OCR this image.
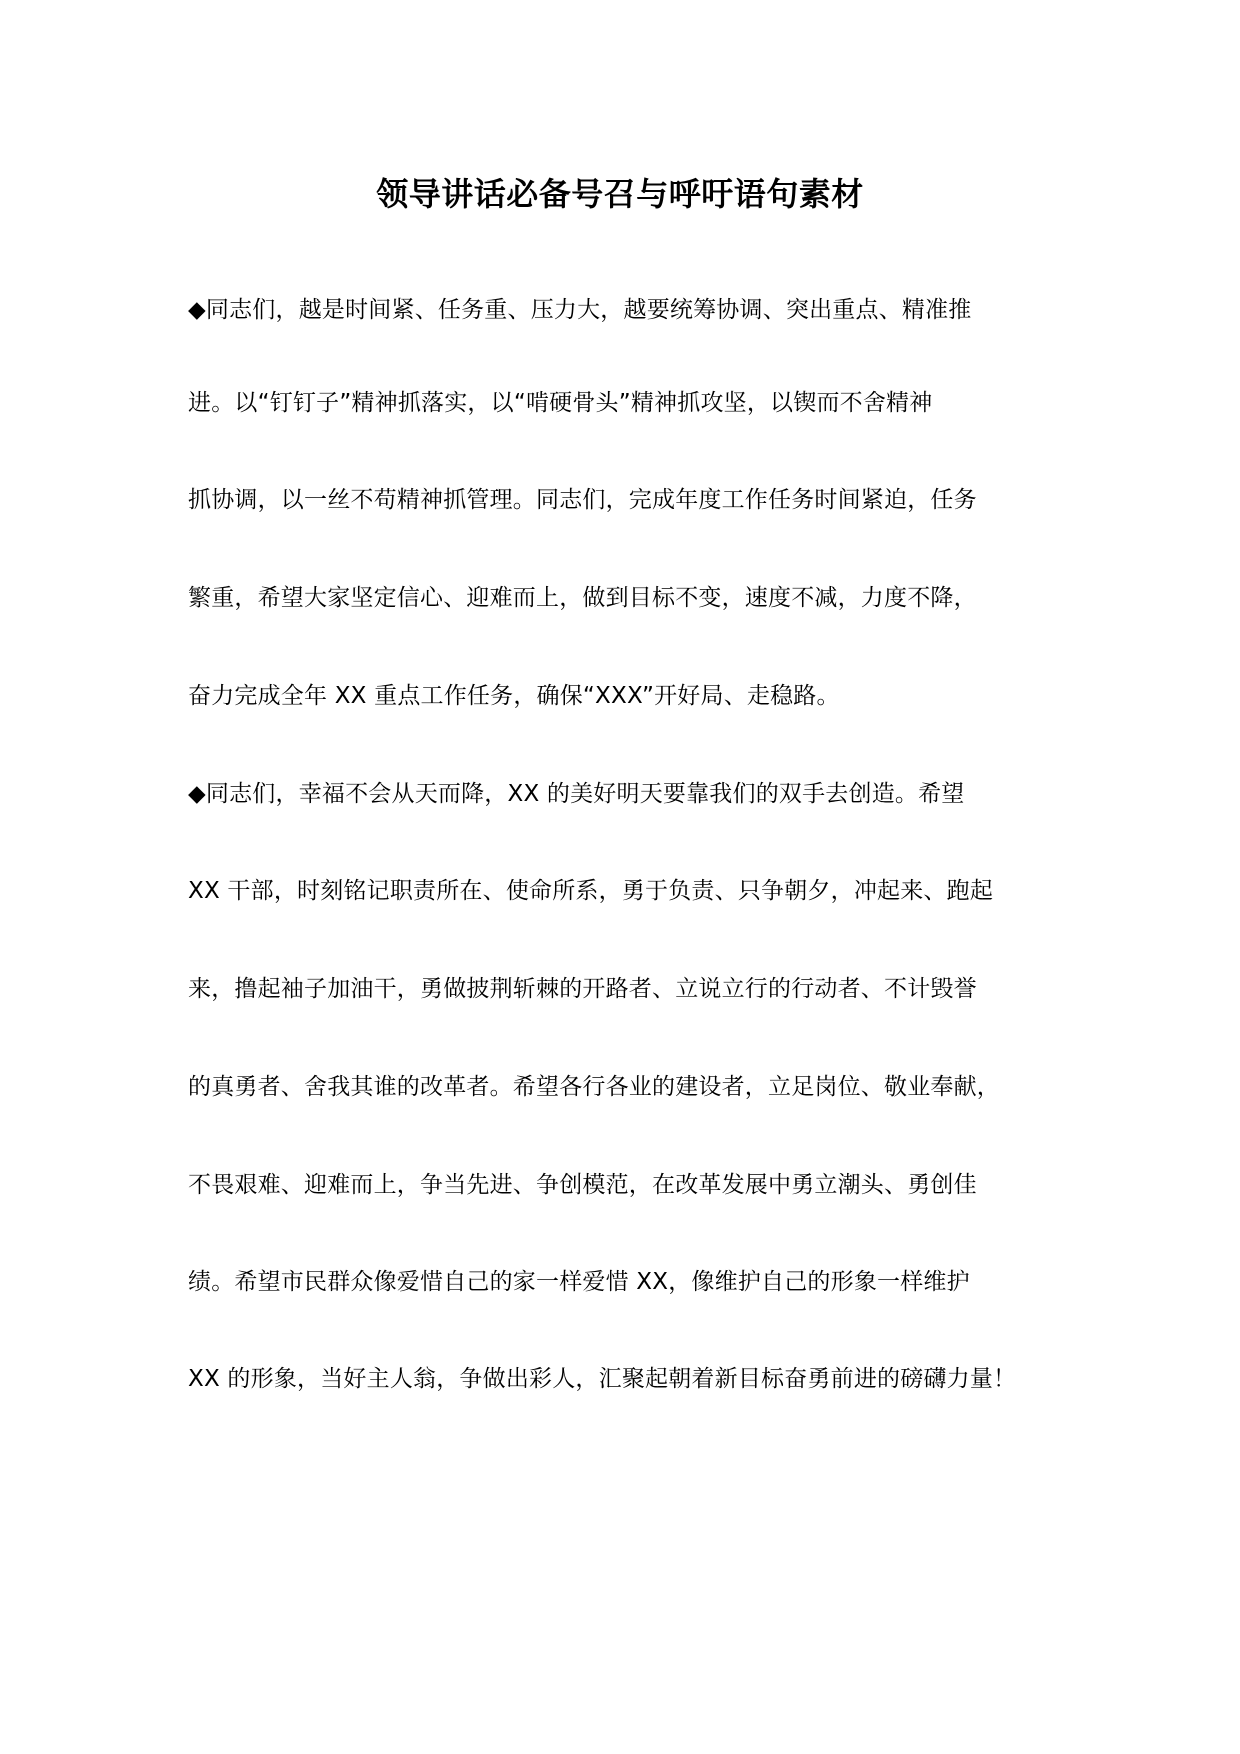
领导讲话必备号召与呼吁语句素材
◆同志们，越是时间紧、任务重、压力大，越要统筹协调、突出重点、精准推
进。以“钉钉子”精神抓落实，以“啃硬骨头”精神抓攻坚，以锲而不舍精神
抓协调，以一丝不苟精神抓管理。同志们，完成年度工作任务时间紧迫，任务
繁重，希望大家坚定信心、迎难而上，做到目标不变，速度不减，力度不降，
奋力完成全年 XX 重点工作任务，确保“XXX”开好局、走稳路。
◆同志们，幸福不会从天而降，XX 的美好明天要靠我们的双手去创造。希望
XX 干部，时刻铭记职责所在、使命所系，勇于负责、只争朝夕，冲起来、跑起
来，撸起袖子加油干，勇做披荆斩棘的开路者、立说立行的行动者、不计毁誉
的真勇者、舍我其谁的改革者。希望各行各业的建设者，立足岗位、敬业奉献，
不畏艰难、迎难而上，争当先进、争创模范，在改革发展中勇立潮头、勇创佳
绩。希望市民群众像爱惜自己的家一样爱惜 XX，像维护自己的形象一样维护
XX 的形象，当好主人翁，争做出彩人，汇聚起朝着新目标奋勇前进的磅礴力量！
